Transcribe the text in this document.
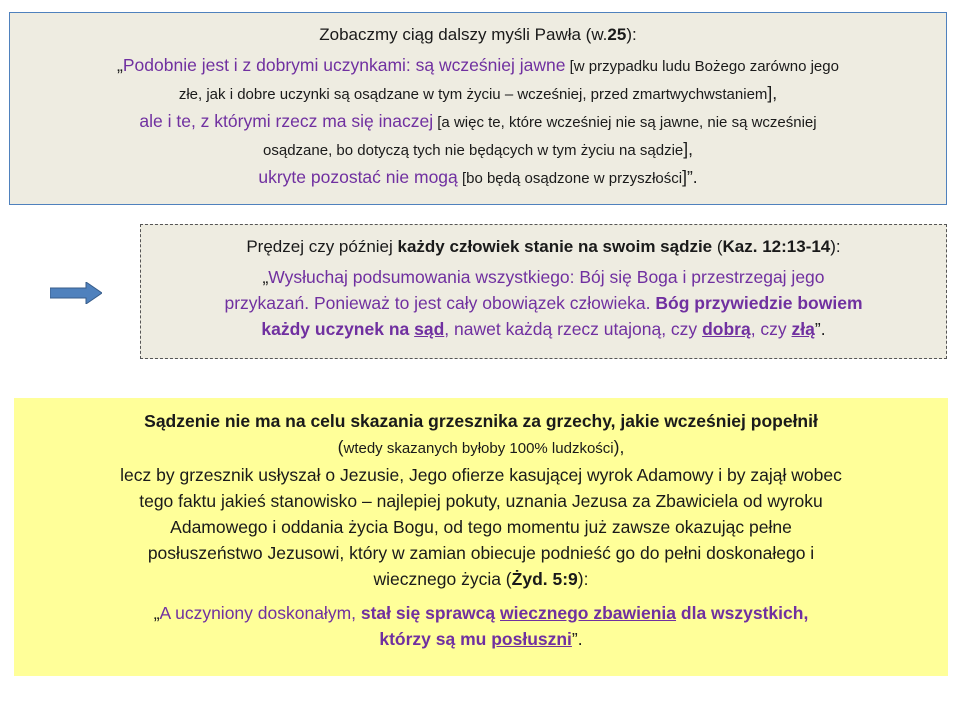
Zobaczmy ciąg dalszy myśli Pawła (w.25):
„Podobnie jest i z dobrymi uczynkami: są wcześniej jawne [w przypadku ludu Bożego zarówno jego
złe, jak i dobre uczynki są osądzane w tym życiu – wcześniej, przed zmartwychwstaniem],
ale i te, z którymi rzecz ma się inaczej [a więc te, które wcześniej nie są jawne, nie są wcześniej
osądzane, bo dotyczą tych nie będących w tym życiu na sądzie],
ukryte pozostać nie mogą [bo będą osądzone w przyszłości]”.
Prędzej czy później każdy człowiek stanie na swoim sądzie (Kaz. 12:13-14):
„Wysłuchaj podsumowania wszystkiego: Bój się Boga i przestrzegaj jego
przykazań. Ponieważ to jest cały obowiązek człowieka. Bóg przywiedzie bowiem
każdy uczynek na sąd, nawet każdą rzecz utajoną, czy dobrą, czy złą”.
Sądzenie nie ma na celu skazania grzesznika za grzechy, jakie wcześniej popełnił
(wtedy skazanych byłoby 100% ludzkości),
lecz by grzesznik usłyszał o Jezusie, Jego ofierze kasującej wyrok Adamowy i by zajął wobec
tego faktu jakieś stanowisko – najlepiej pokuty, uznania Jezusa za Zbawiciela od wyroku
Adamowego i oddania życia Bogu, od tego momentu już zawsze okazując pełne
posłuszeństwo Jezusowi, który w zamian obiecuje podnieść go do pełni doskonałego i
wiecznego życia (Żyd. 5:9):
„A uczyniony doskonałym, stał się sprawcą wiecznego zbawienia dla wszystkich,
którzy są mu posłuszni”.
